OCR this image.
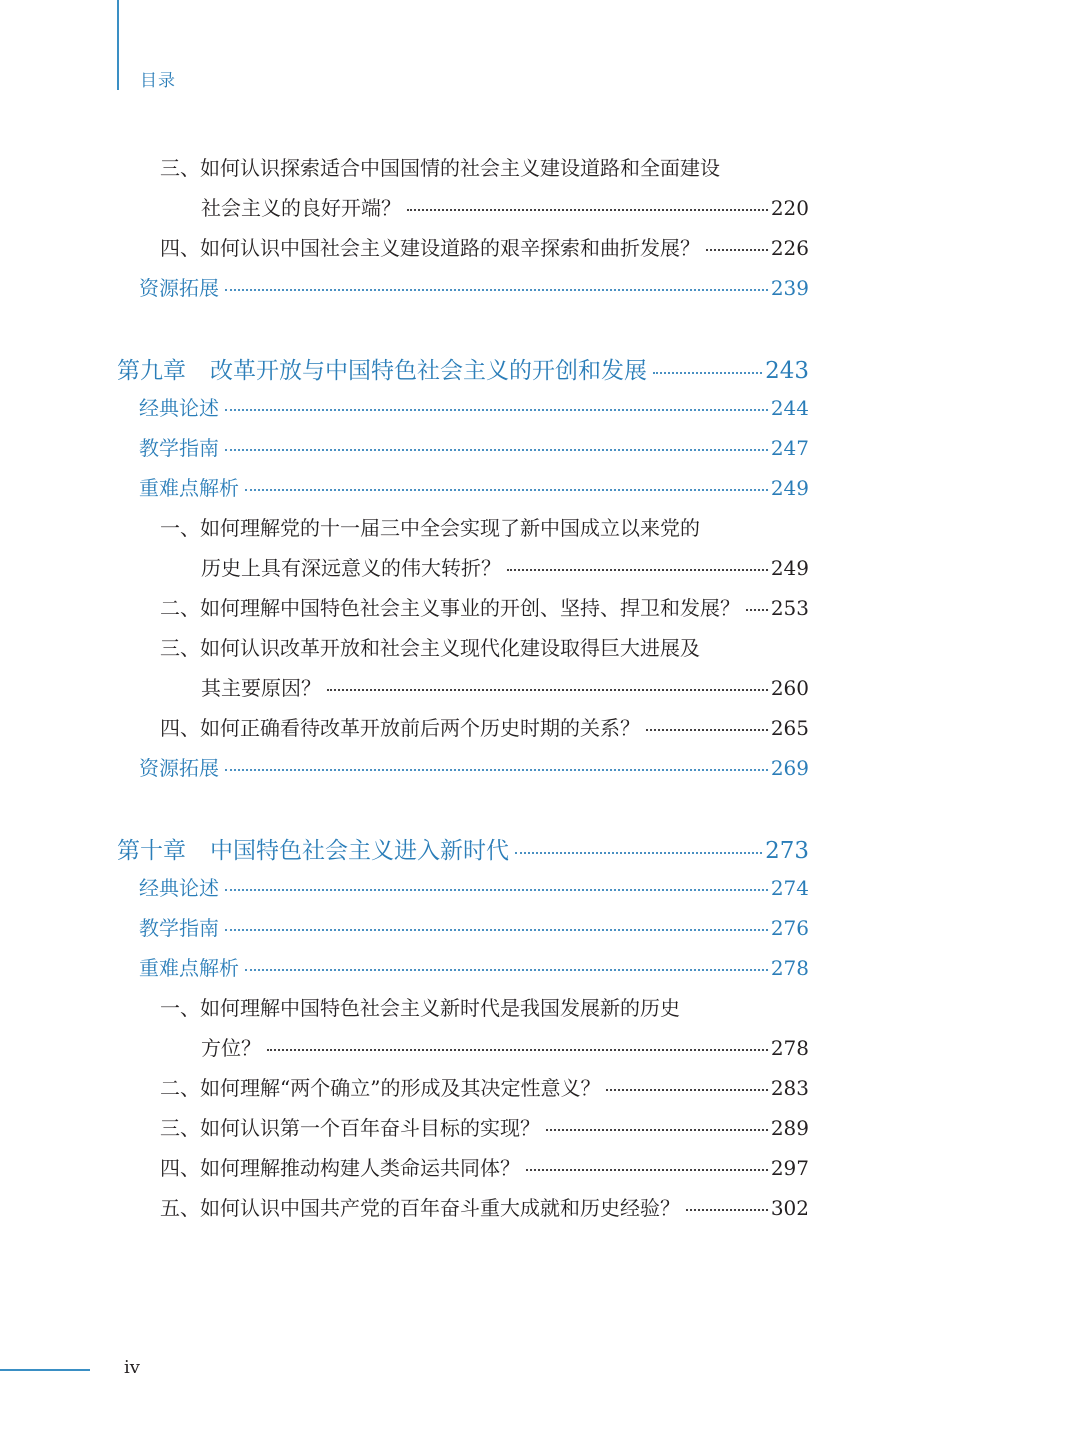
目录
三、如何认识探索适合中国国情的社会主义建设道路和全面建设
社会主义的良好开端？	220
四、如何认识中国社会主义建设道路的艰辛探索和曲折发展？	226
资源拓展	239
第九章 改革开放与中国特色社会主义的开创和发展	243
经典论述	244
教学指南	247
重难点解析	249
一、如何理解党的十一届三中全会实现了新中国成立以来党的
历史上具有深远意义的伟大转折？	249
二、如何理解中国特色社会主义事业的开创、坚持、捍卫和发展？ 253
三、如何认识改革开放和社会主义现代化建设取得巨大进展及
其主要原因？	260
四、如何正确看待改革开放前后两个历史时期的关系？	265
资源拓展	269
第十章 中国特色社会主义进入新时代	273
经典论述	274
教学指南	276
重难点解析	278
一、如何理解中国特色社会主义新时代是我国发展新的历史
方位？	278
二、如何理解“两个确立”的形成及其决定性意义？	283
三、如何认识第一个百年奋斗目标的实现？	289
四、如何理解推动构建人类命运共同体？	297
五、如何认识中国共产党的百年奋斗重大成就和历史经验？	302
iv
